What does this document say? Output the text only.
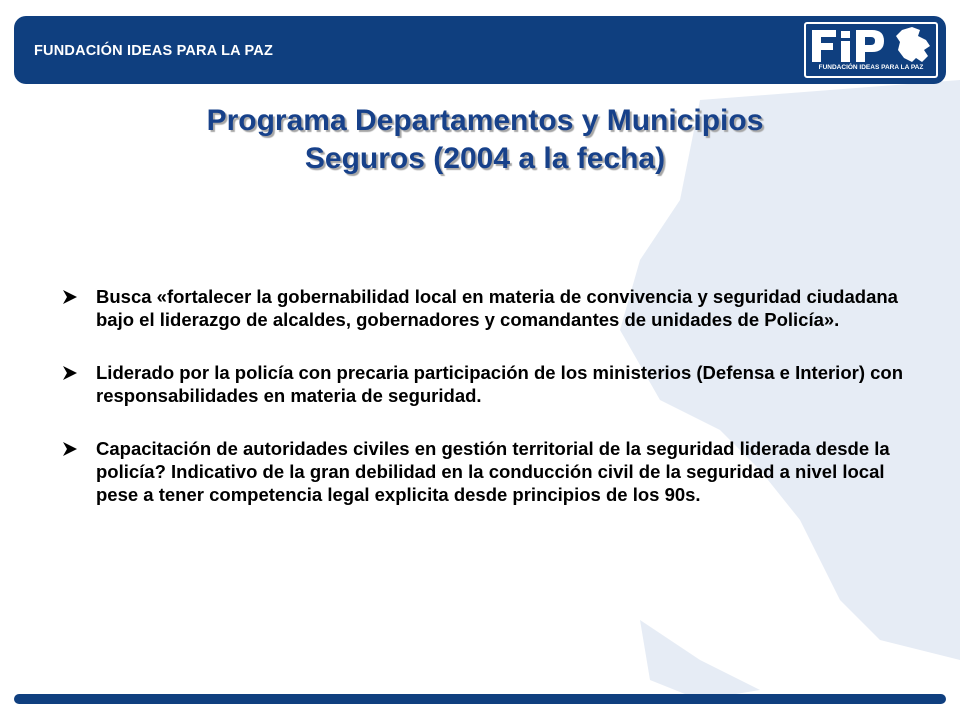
FUNDACIÓN IDEAS PARA LA PAZ
FUNDACIÓN IDEAS PARA LA PAZ
Programa Departamentos y Municipios
Seguros (2004 a la fecha)
Busca «fortalecer la gobernabilidad local en materia de convivencia y seguridad ciudadana bajo el liderazgo de alcaldes, gobernadores y comandantes de unidades de Policía».
Liderado por la policía con precaria participación de los ministerios (Defensa e Interior) con responsabilidades en materia de seguridad.
Capacitación de autoridades civiles en gestión territorial de la seguridad liderada desde la policía? Indicativo de la gran debilidad en la conducción civil de la seguridad a nivel local pese a tener competencia legal explicita desde principios de los 90s.
